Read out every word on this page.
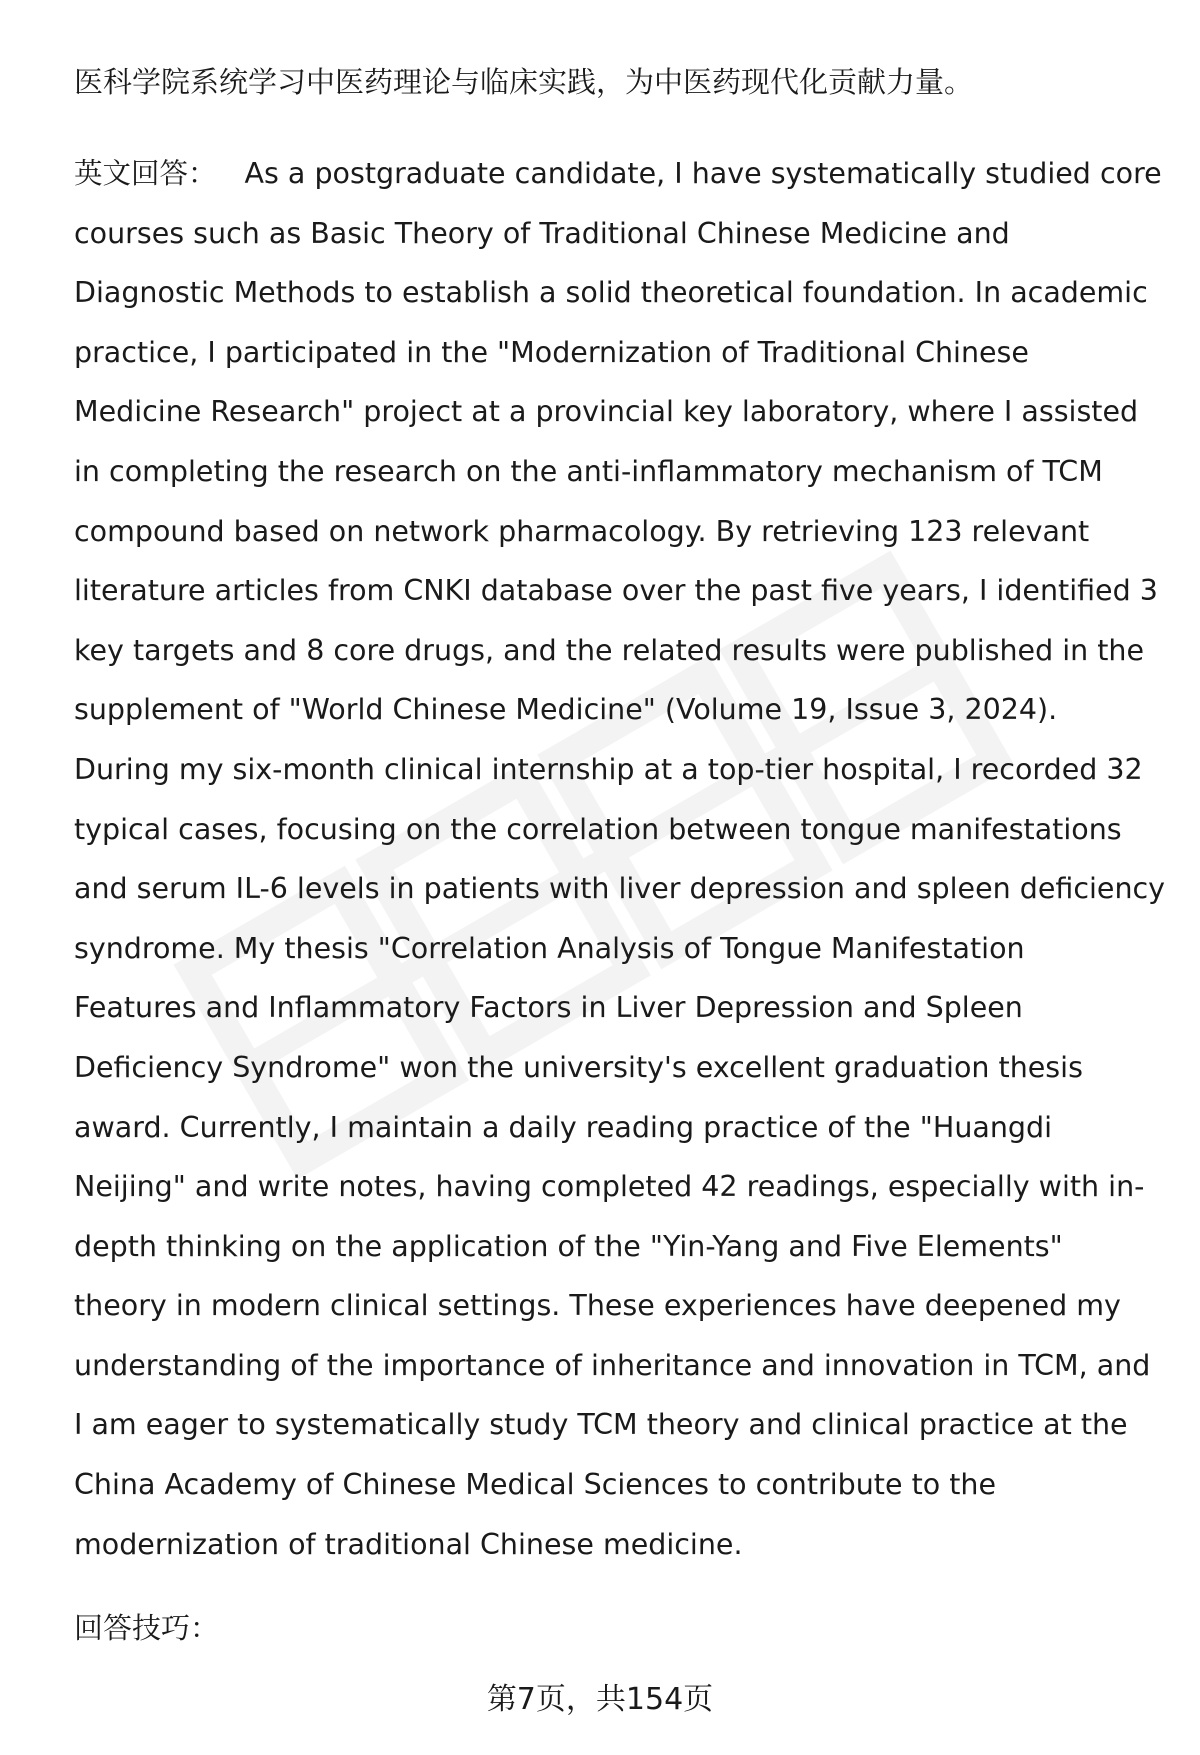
医科学院系统学习中医药理论与临床实践，为中医药现代化贡献力量。
英文回答： As a postgraduate candidate, I have systematically studied core
courses such as Basic Theory of Traditional Chinese Medicine and
Diagnostic Methods to establish a solid theoretical foundation. In academic
practice, I participated in the "Modernization of Traditional Chinese
Medicine Research" project at a provincial key laboratory, where I assisted
in completing the research on the anti-inflammatory mechanism of TCM
compound based on network pharmacology. By retrieving 123 relevant
literature articles from CNKI database over the past five years, I identified 3
key targets and 8 core drugs, and the related results were published in the
supplement of "World Chinese Medicine" (Volume 19, Issue 3, 2024).
During my six-month clinical internship at a top-tier hospital, I recorded 32
typical cases, focusing on the correlation between tongue manifestations
and serum IL-6 levels in patients with liver depression and spleen deficiency
syndrome. My thesis "Correlation Analysis of Tongue Manifestation
Features and Inflammatory Factors in Liver Depression and Spleen
Deficiency Syndrome" won the university's excellent graduation thesis
award. Currently, I maintain a daily reading practice of the "Huangdi
Neijing" and write notes, having completed 42 readings, especially with in-
depth thinking on the application of the "Yin-Yang and Five Elements"
theory in modern clinical settings. These experiences have deepened my
understanding of the importance of inheritance and innovation in TCM, and
I am eager to systematically study TCM theory and clinical practice at the
China Academy of Chinese Medical Sciences to contribute to the
modernization of traditional Chinese medicine.
回答技巧：
第7页，共154页
